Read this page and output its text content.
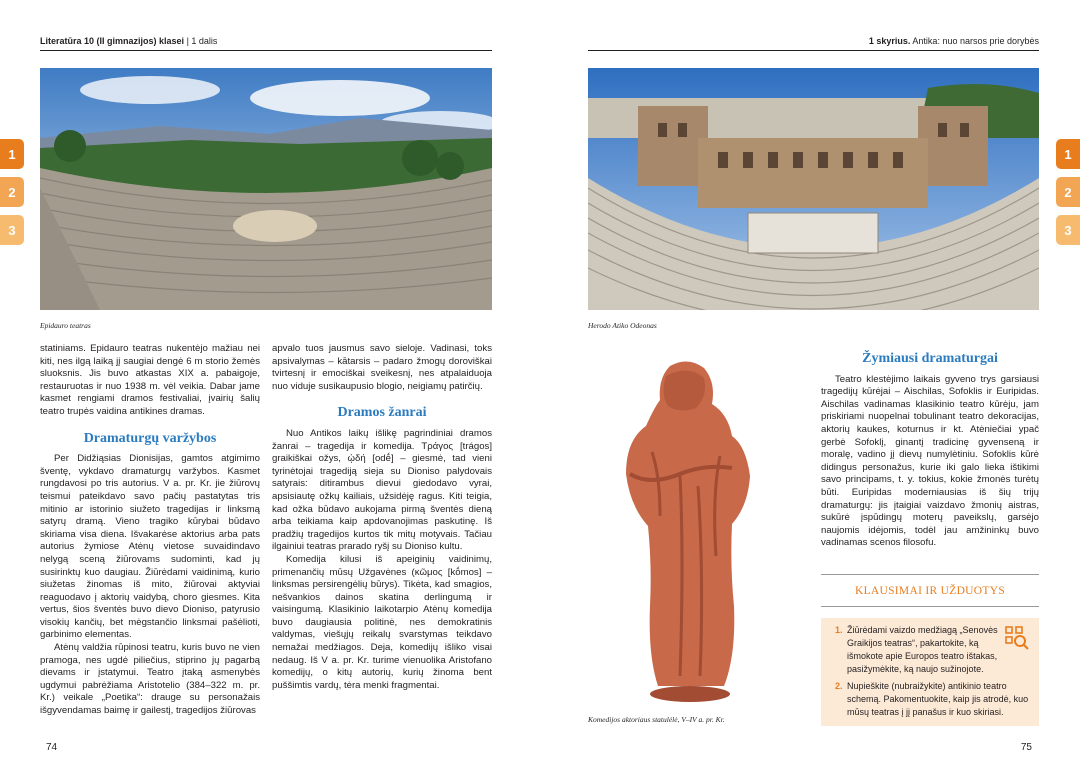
Literatūra 10 (II gimnazijos) klasei | 1 dalis
Epidauro teatras

statiniams. Epidauro teatras nukentėjo mažiau nei kiti, nes ilgą laiką jį saugiai dengė 6 m storio žemės sluoksnis. Jis buvo atkastas XIX a. pabaigoje, restauruotas ir nuo 1938 m. vėl veikia. Dabar jame kasmet rengiami dramos festivaliai, įvairių šalių teatro trupės vaidina antikines dramas.

Dramaturgų varžybos

Per Didžiąsias Dionisijas, gamtos atgimimo šventę, vykdavo dramaturgų varžybos. Kasmet rungdavosi po tris autorius. V a. pr. Kr. jie žiūrovų teismui pateikdavo savo pačių pastatytas tris mitinio ar istorinio siužeto tragedijas ir linksmą satyrų dramą. Vieno tragiko kūrybai būdavo skiriama visa diena. Išvakarėse aktorius arba pats autorius žymiose Atėnų vietose suvaidindavo nelygą sceną žiūrovams sudominti, kad jų susirinktų kuo daugiau. Žiūrėdami vaidinimą, kurio siužetas žinomas iš mito, žiūrovai aktyviai reaguodavo į aktorių vaidybą, choro giesmes. Kita vertus, šios šventės buvo dievo Dioniso, patyrusio visokių kančių, bet mėgstančio linksmai pašėlioti, garbinimo elementas.

Atėnų valdžia rūpinosi teatru, kuris buvo ne vien pramoga, nes ugdė piliečius, stiprino jų pagarbą dievams ir įstatymui. Teatro įtaką asmenybės ugdymui pabrėžiama Aristotelio (384–322 m. pr. Kr.) veikale „Poetika“: drauge su personažais išgyvendamas baimę ir gailestį, tragedijos žiūrovas

apvalo tuos jausmus savo sieloje. Vadinasi, toks apsivalymas – kātarsis – padaro žmogų doroviškai tvirtesnį ir emociškai sveikesnį, nes atpalaiduoja nuo viduje susikaupusio blogio, neigiamų patirčių.

Dramos žanrai

Nuo Antikos laikų išlikę pagrindiniai dramos žanrai – tragedija ir komedija. Τράγος [trágos] graikiškai ožys, ᾠδή [odḗ] – giesmė, tad vieni tyrinėtojai tragediją sieja su Dioniso palydovais satyrais: ditirambus dievui giedodavo vyrai, apsisiautę ožkų kailiais, užsidėję ragus. Kiti teigia, kad ožka būdavo aukojama pirmą šventės dieną arba teikiama kaip apdovanojimas paskutinę. Iš pradžių tragedijos kurtos tik mitų motyvais. Tačiau ilgainiui teatras prarado ryšį su Dioniso kultu.

Komedija kilusi iš apeiginių vaidinimų, primenančių mūsų Užgavėnes (κῶμος [kṓmos] – linksmas persirengėlių būrys). Tikėta, kad smagios, nešvankios dainos skatina derlingumą ir vaisingumą. Klasikinio laikotarpio Atėnų komedija buvo daugiausia politinė, nes demokratinis valdymas, viešųjų reikalų svarstymas teikdavo nemažai medžiagos. Deja, komedijų išliko visai nedaug. Iš V a. pr. Kr. turime vienuolika Aristofano komedijų, o kitų autorių, kurių žinoma bent puššimtis vardų, tėra menki fragmentai.

1
2
3
74
1 skyrius. Antika: nuo narsos prie dorybės
Herodo Atiko Odeonas
Komedijos aktoriaus statulėlė, V–IV a. pr. Kr.
Žymiausi dramaturgai

Teatro klestėjimo laikais gyveno trys garsiausi tragedijų kūrėjai – Aischilas, Sofoklis ir Euripidas. Aischilas vadinamas klasikinio teatro kūrėju, jam priskiriami nuopelnai tobulinant teatro dekoracijas, aktorių kaukes, koturnus ir kt. Atėniečiai ypač gerbė Sofoklį, ginantį tradicinę gyvenseną ir moralę, vadino jį dievų numylėtiniu. Sofoklis kūrė didingus personažus, kurie iki galo lieka ištikimi savo principams, t. y. tokius, kokie žmonės turėtų būti. Euripidas moderniausias iš šių trijų dramaturgų: jis įtaigiai vaizdavo žmonių aistras, sukūrė įspūdingų moterų paveikslų, garsėjo naujomis idėjomis, todėl jau amžininkų buvo vadinamas scenos filosofu.

KLAUSIMAI IR UŽDUOTYS
1. Žiūrėdami vaizdo medžiagą „Senovės Graikijos teatras“, pakartokite, ką išmokote apie Europos teatro ištakas, pasižymėkite, ką naujo sužinojote.
2. Nupieškite (nubraižykite) antikinio teatro schemą. Pakomentuokite, kaip jis atrodė, kuo mūsų teatras į jį panašus ir kuo skiriasi.
1
2
3
75
